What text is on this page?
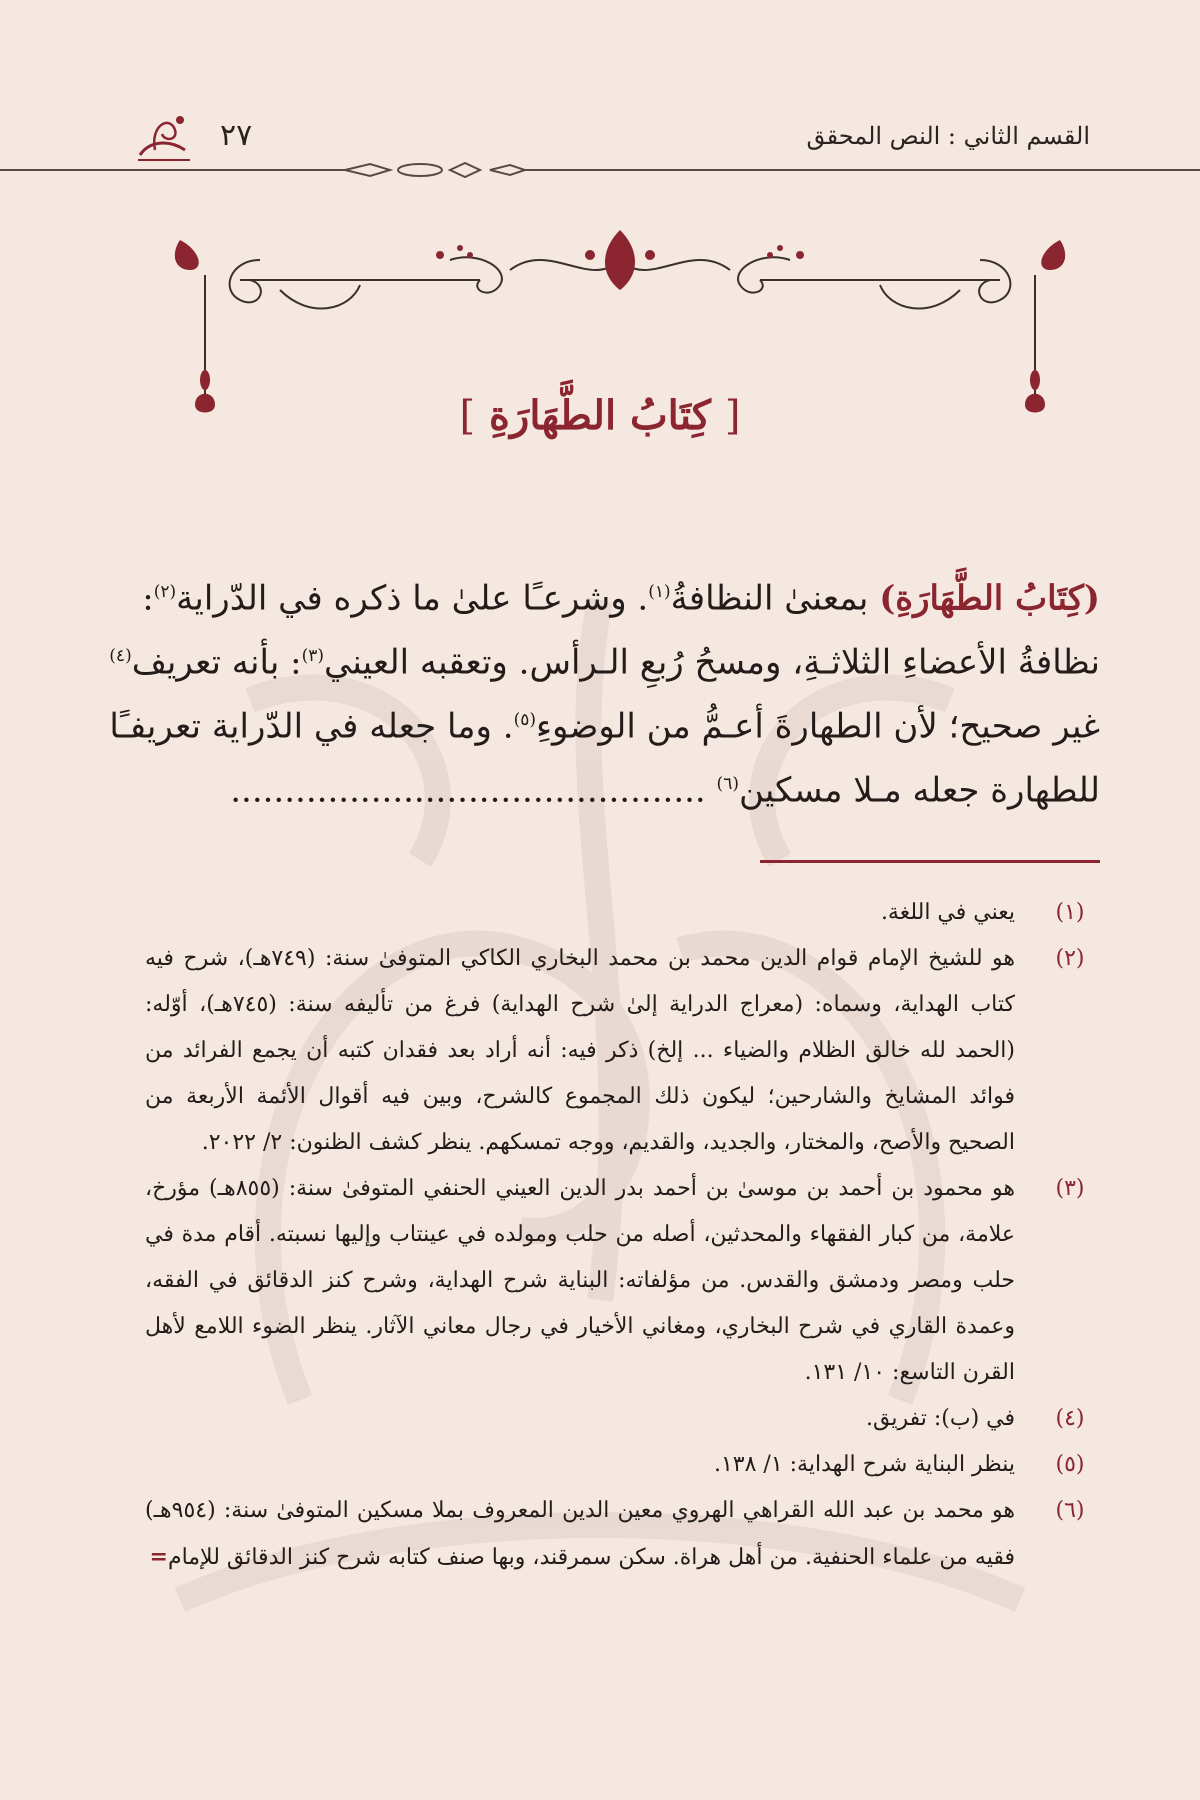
القسم الثاني : النص المحقق
٢٧
[ كِتَابُ الطَّهَارَةِ ]
(كِتَابُ الطَّهَارَةِ) بمعنىٰ النظافةُ$^{(١)}$. وشرعـًا علىٰ ما ذكره في الدّراية$^{(٢)}$:
نظافةُ الأعضاءِ الثلاثـةِ، ومسحُ رُبعِ الـرأس. وتعقبه العيني$^{(٣)}$: بأنه تعريف$^{(٤)}$
غير صحيح؛ لأن الطهارةَ أعـمُّ من الوضوءِ$^{(٥)}$. وما جعله في الدّراية تعريفـًا
للطهارة جعله مـلا مسكين$^{(٦)}$ ............................................
(١)
يعني في اللغة.
(٢)
هو للشيخ الإمام قوام الدين محمد بن محمد البخاري الكاكي المتوفىٰ سنة: (٧٤٩هـ)، شرح فيه كتاب الهداية، وسماه: (معراج الدراية إلىٰ شرح الهداية) فرغ من تأليفه سنة: (٧٤٥هـ)، أوّله: (الحمد لله خالق الظلام والضياء ... إلخ) ذكر فيه: أنه أراد بعد فقدان كتبه أن يجمع الفرائد من فوائد المشايخ والشارحين؛ ليكون ذلك المجموع كالشرح، وبين فيه أقوال الأئمة الأربعة من الصحيح والأصح، والمختار، والجديد، والقديم، ووجه تمسكهم. ينظر كشف الظنون: ٢/ ٢٠٢٢.
(٣)
هو محمود بن أحمد بن موسىٰ بن أحمد بدر الدين العيني الحنفي المتوفىٰ سنة: (٨٥٥هـ) مؤرخ، علامة، من كبار الفقهاء والمحدثين، أصله من حلب ومولده في عينتاب وإليها نسبته. أقام مدة في حلب ومصر ودمشق والقدس. من مؤلفاته: البناية شرح الهداية، وشرح كنز الدقائق في الفقه، وعمدة القاري في شرح البخاري، ومغاني الأخيار في رجال معاني الآثار. ينظر الضوء اللامع لأهل القرن التاسع: ١٠/ ١٣١.
(٤)
في (ب): تفريق.
(٥)
ينظر البناية شرح الهداية: ١/ ١٣٨.
(٦)
هو محمد بن عبد الله القراهي الهروي معين الدين المعروف بملا مسكين المتوفىٰ سنة: (٩٥٤هـ) فقيه من علماء الحنفية. من أهل هراة. سكن سمرقند، وبها صنف كتابه شرح كنز الدقائق للإمام=
